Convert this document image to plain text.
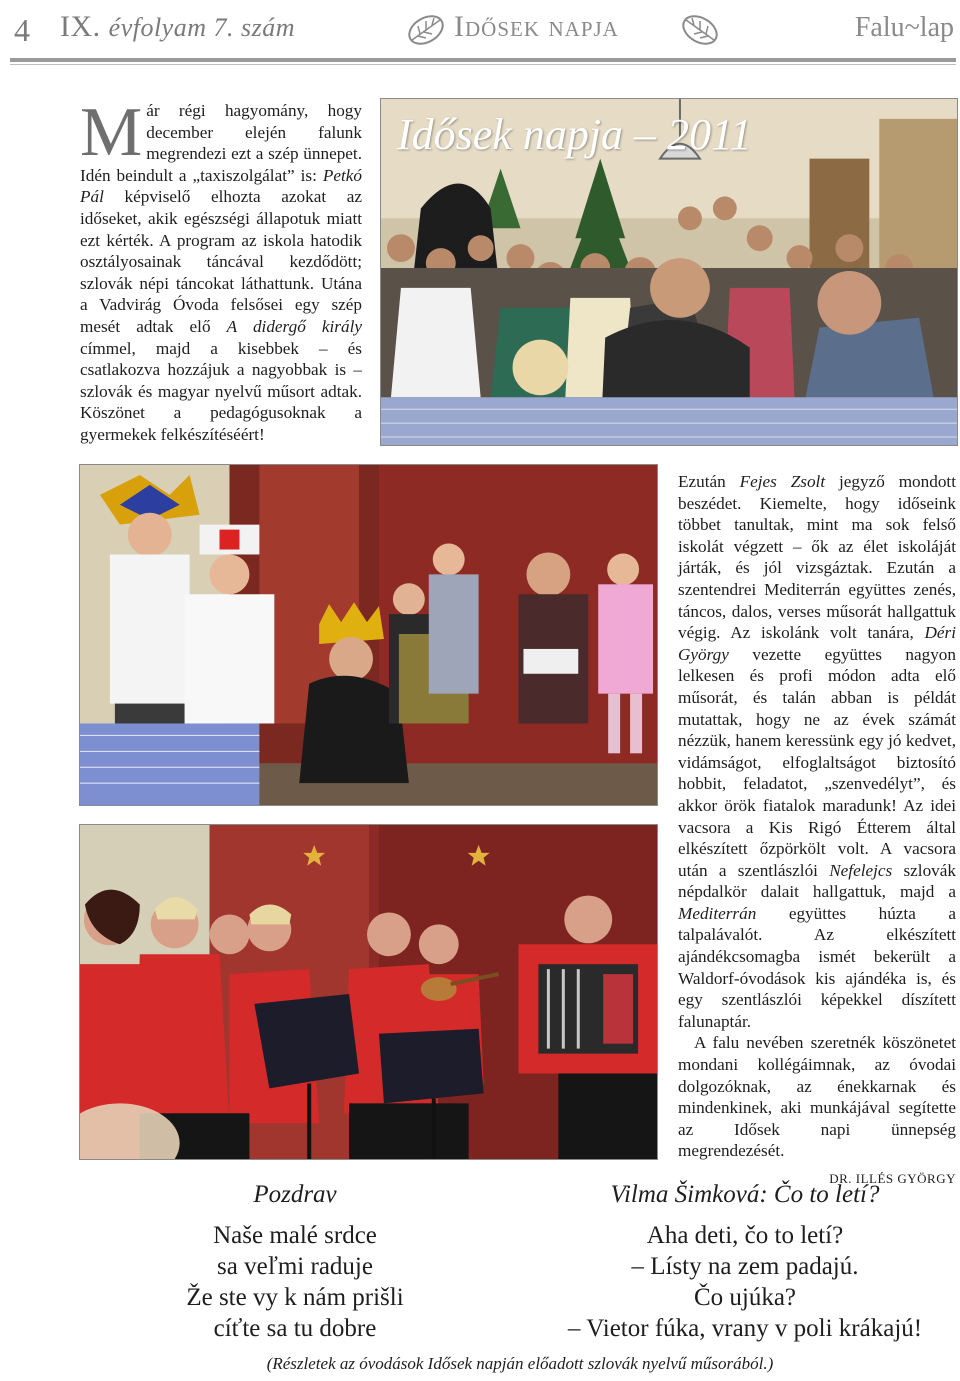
4 IX. évfolyam 7. szám	Idősek napja	Falu~lap
Már régi hagyomány, hogy december elején falunk megrendezi ezt a szép ünnepet. Idén beindult a „taxiszolgálat” is: Petkó Pál képviselő elhozta azokat az időseket, akik egészségi állapotuk miatt ezt kérték. A program az iskola hatodik osztályosainak táncával kezdődött; szlovák népi táncokat láthattunk. Utána a Vadvirág Óvoda felsősei egy szép mesét adtak elő A didergő király címmel, majd a kisebbek – és csatlakozva hozzájuk a nagyobbak is – szlovák és magyar nyelvű műsort adtak. Köszönet a pedagógusoknak a gyermekek felkészítéséért!
Idősek napja – 2011

Ezután Fejes Zsolt jegyző mondott beszédet. Kiemelte, hogy időseink többet tanultak, mint ma sok felső iskolát végzett – ők az élet iskoláját járták, és jól vizsgáztak. Ezután a szentendrei Mediterrán együttes zenés, táncos, dalos, verses műsorát hallgattuk végig. Az iskolánk volt tanára, Déri György vezette együttes nagyon lelkesen és profi módon adta elő műsorát, és talán abban is példát mutattak, hogy ne az évek számát nézzük, hanem keressünk egy jó kedvet, vidámságot, elfoglaltságot biztosító hobbit, feladatot, „szenvedélyt”, és akkor örök fiatalok maradunk! Az idei vacsora a Kis Rigó Étterem által elkészített őzpörkölt volt. A vacsora után a szentlászlói Nefelejcs szlovák népdalkör dalait hallgattuk, majd a Mediterrán együttes húzta a talpalávalót. Az elkészített ajándékcsomagba ismét bekerült a Waldorf-óvodások kis ajándéka is, és egy szentlászlói képekkel díszített falunaptár.

A falu nevében szeretnék köszönetet mondani kollégáimnak, az óvodai dolgozóknak, az énekkarnak és mindenkinek, aki munkájával segítette az Idősek napi ünnepség megrendezését.

DR. ILLÉS GYÖRGY
Pozdrav
Naše malé srdce
sa veľmi raduje
Že ste vy k nám prišli
cíťte sa tu dobre
Vilma Šimková: Čo to letí?
Aha deti, čo to letí?
– Lísty na zem padajú.
Čo ujúka?
– Vietor fúka, vrany v poli krákajú!
(Részletek az óvodások Idősek napján előadott szlovák nyelvű műsorából.)
